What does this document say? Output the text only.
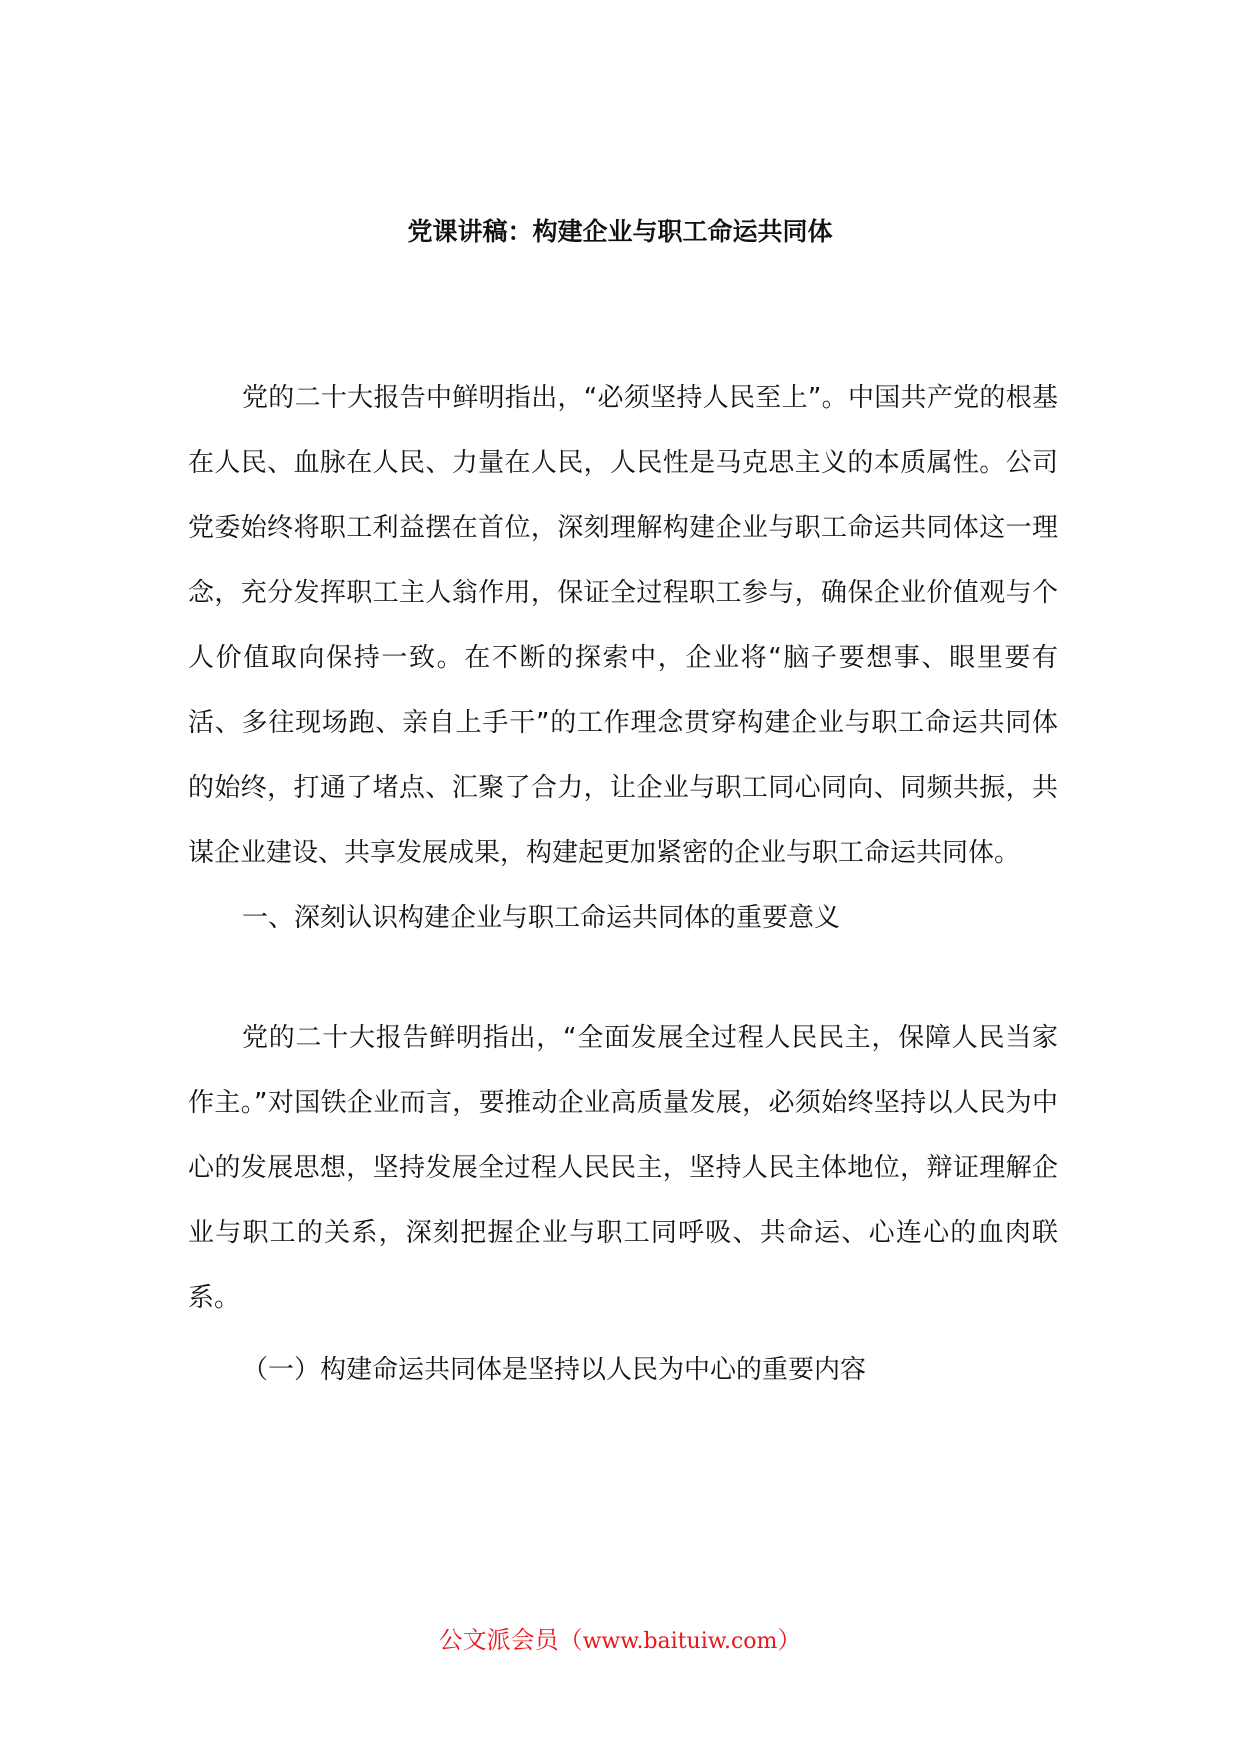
党课讲稿：构建企业与职工命运共同体

党的二十大报告中鲜明指出，“必须坚持人民至上”。中国共产党的根基在人民、血脉在人民、力量在人民，人民性是马克思主义的本质属性。公司党委始终将职工利益摆在首位，深刻理解构建企业与职工命运共同体这一理念，充分发挥职工主人翁作用，保证全过程职工参与，确保企业价值观与个人价值取向保持一致。在不断的探索中，企业将“脑子要想事、眼里要有活、多往现场跑、亲自上手干”的工作理念贯穿构建企业与职工命运共同体的始终，打通了堵点、汇聚了合力，让企业与职工同心同向、同频共振，共谋企业建设、共享发展成果，构建起更加紧密的企业与职工命运共同体。

一、深刻认识构建企业与职工命运共同体的重要意义

党的二十大报告鲜明指出，“全面发展全过程人民民主，保障人民当家作主。”对国铁企业而言，要推动企业高质量发展，必须始终坚持以人民为中心的发展思想，坚持发展全过程人民民主，坚持人民主体地位，辩证理解企业与职工的关系，深刻把握企业与职工同呼吸、共命运、心连心的血肉联系。

（一）构建命运共同体是坚持以人民为中心的重要内容

公文派会员（www.baituiw.com）
